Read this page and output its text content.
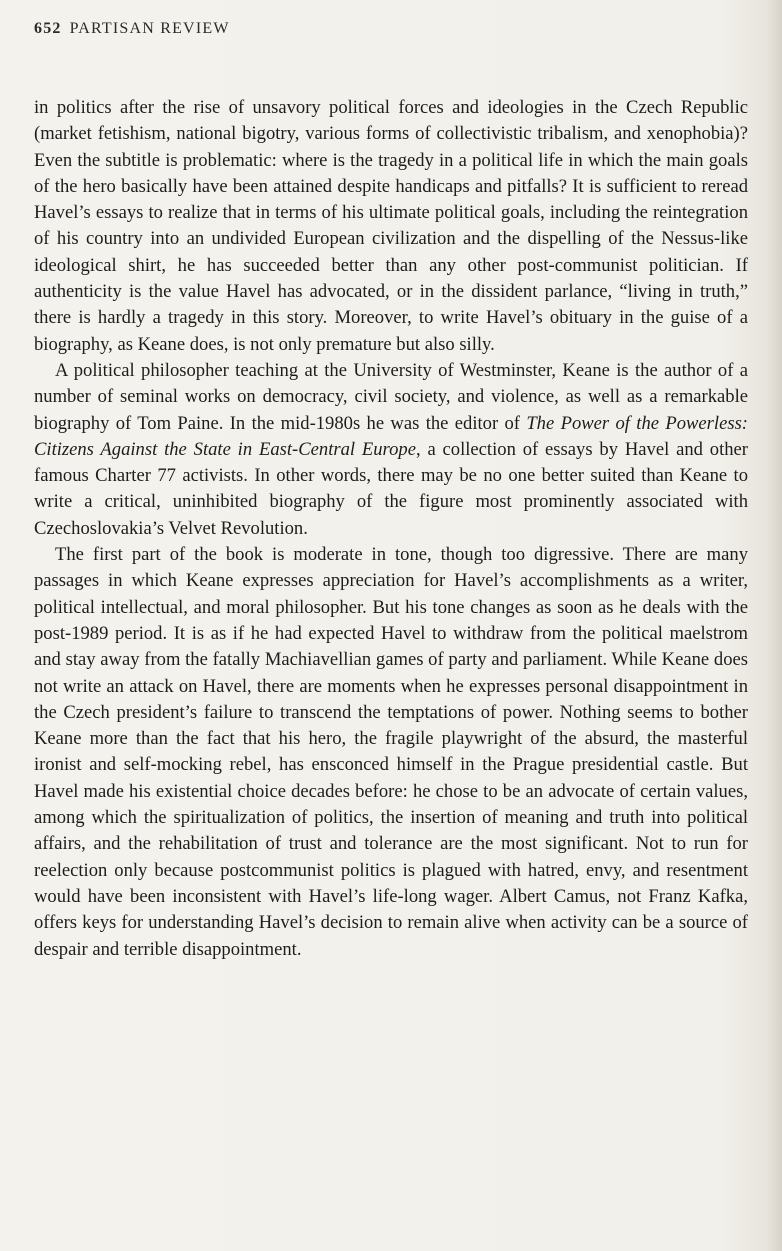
652 PARTISAN REVIEW

in politics after the rise of unsavory political forces and ideologies in the Czech Republic (market fetishism, national bigotry, various forms of collectivistic tribalism, and xenophobia)? Even the subtitle is problematic: where is the tragedy in a political life in which the main goals of the hero basically have been attained despite handicaps and pitfalls? It is sufficient to reread Havel’s essays to realize that in terms of his ultimate political goals, including the reintegration of his country into an undivided European civilization and the dispelling of the Nessus-like ideological shirt, he has succeeded better than any other post-communist politician. If authenticity is the value Havel has advocated, or in the dissident parlance, “living in truth,” there is hardly a tragedy in this story. Moreover, to write Havel’s obituary in the guise of a biography, as Keane does, is not only premature but also silly.

A political philosopher teaching at the University of Westminster, Keane is the author of a number of seminal works on democracy, civil society, and violence, as well as a remarkable biography of Tom Paine. In the mid-1980s he was the editor of The Power of the Powerless: Citizens Against the State in East-Central Europe, a collection of essays by Havel and other famous Charter 77 activists. In other words, there may be no one better suited than Keane to write a critical, uninhibited biography of the figure most prominently associated with Czechoslovakia’s Velvet Revolution.

The first part of the book is moderate in tone, though too digressive. There are many passages in which Keane expresses appreciation for Havel’s accomplishments as a writer, political intellectual, and moral philosopher. But his tone changes as soon as he deals with the post-1989 period. It is as if he had expected Havel to withdraw from the political maelstrom and stay away from the fatally Machiavellian games of party and parliament. While Keane does not write an attack on Havel, there are moments when he expresses personal disappointment in the Czech president’s failure to transcend the temptations of power. Nothing seems to bother Keane more than the fact that his hero, the fragile playwright of the absurd, the masterful ironist and self-mocking rebel, has ensconced himself in the Prague presidential castle. But Havel made his existential choice decades before: he chose to be an advocate of certain values, among which the spiritualization of politics, the insertion of meaning and truth into political affairs, and the rehabilitation of trust and tolerance are the most significant. Not to run for reelection only because postcommunist politics is plagued with hatred, envy, and resentment would have been inconsistent with Havel’s life-long wager. Albert Camus, not Franz Kafka, offers keys for understanding Havel’s decision to remain alive when activity can be a source of despair and terrible disappointment.
